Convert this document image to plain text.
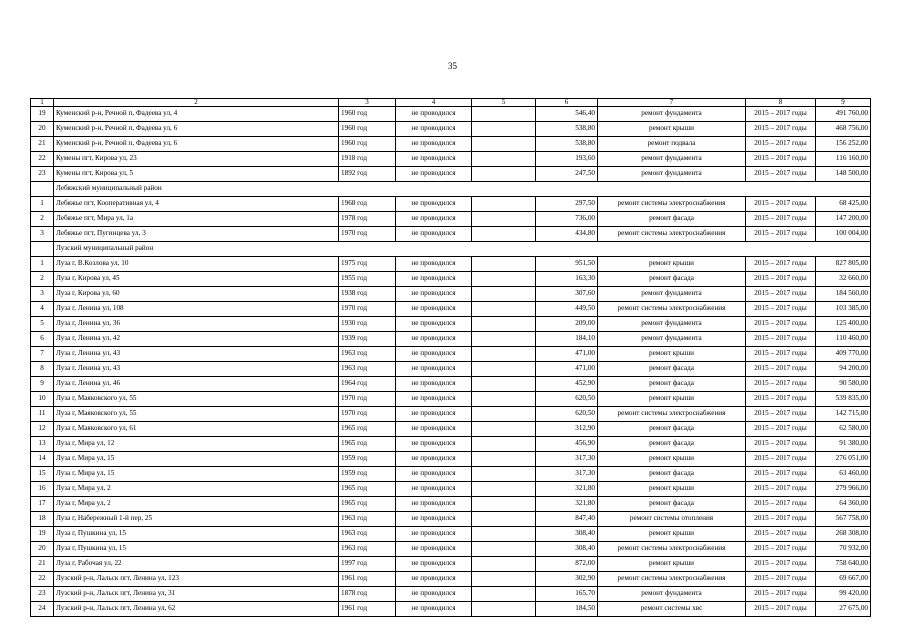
35
1	2	3	4	5	6	7	8	9
19	Куменский р-н, Речной п, Фадеева ул, 4	1960 год	не проводился		546,40	ремонт фундамента	2015 – 2017 годы	491 760,00
20	Куменский р-н, Речной п, Фадеева ул, 6	1960 год	не проводился		538,80	ремонт крыши	2015 – 2017 годы	468 756,00
21	Куменский р-н, Речной п, Фадеева ул, 6	1960 год	не проводился		538,80	ремонт подвала	2015 – 2017 годы	156 252,00
22	Кумены пгт, Кирова ул, 23	1918 год	не проводился		193,60	ремонт фундамента	2015 – 2017 годы	116 160,00
23	Кумены пгт, Кирова ул, 5	1892 год	не проводился		247,50	ремонт фундамента	2015 – 2017 годы	148 500,00
	Лебяжский муниципальный район							
1	Лебяжье пгт, Кооперативная ул, 4	1968 год	не проводился		297,50	ремонт системы электроснабжения	2015 – 2017 годы	68 425,00
2	Лебяжье пгт, Мира ул, 1а	1978 год	не проводился		736,00	ремонт фасада	2015 – 2017 годы	147 200,00
3	Лебяжье пгт, Пугинцева ул, 3	1970 год	не проводился		434,80	ремонт системы электроснабжения	2015 – 2017 годы	100 004,00
	Лузский муниципальный район							
1	Луза г, В.Козлова ул, 10	1975 год	не проводился		951,50	ремонт крыши	2015 – 2017 годы	827 805,00
2	Луза г, Кирова ул, 45	1955 год	не проводился		163,30	ремонт фасада	2015 – 2017 годы	32 660,00
3	Луза г, Кирова ул, 60	1938 год	не проводился		307,60	ремонт фундамента	2015 – 2017 годы	184 560,00
4	Луза г, Ленина ул, 108	1970 год	не проводился		449,50	ремонт системы электроснабжения	2015 – 2017 годы	103 385,00
5	Луза г, Ленина ул, 36	1930 год	не проводился		209,00	ремонт фундамента	2015 – 2017 годы	125 400,00
6	Луза г, Ленина ул, 42	1939 год	не проводился		184,10	ремонт фундамента	2015 – 2017 годы	110 460,00
7	Луза г, Ленина ул, 43	1963 год	не проводился		471,00	ремонт крыши	2015 – 2017 годы	409 770,00
8	Луза г, Ленина ул, 43	1963 год	не проводился		471,00	ремонт фасада	2015 – 2017 годы	94 200,00
9	Луза г, Ленина ул, 46	1964 год	не проводился		452,90	ремонт фасада	2015 – 2017 годы	90 580,00
10	Луза г, Маяковского ул, 55	1970 год	не проводился		620,50	ремонт крыши	2015 – 2017 годы	539 835,00
11	Луза г, Маяковского ул, 55	1970 год	не проводился		620,50	ремонт системы электроснабжения	2015 – 2017 годы	142 715,00
12	Луза г, Маяковского ул, 61	1965 год	не проводился		312,90	ремонт фасада	2015 – 2017 годы	62 580,00
13	Луза г, Мира ул, 12	1965 год	не проводился		456,90	ремонт фасада	2015 – 2017 годы	91 380,00
14	Луза г, Мира ул, 15	1959 год	не проводился		317,30	ремонт крыши	2015 – 2017 годы	276 051,00
15	Луза г, Мира ул, 15	1959 год	не проводился		317,30	ремонт фасада	2015 – 2017 годы	63 460,00
16	Луза г, Мира ул, 2	1965 год	не проводился		321,80	ремонт крыши	2015 – 2017 годы	279 966,00
17	Луза г, Мира ул, 2	1965 год	не проводился		321,80	ремонт фасада	2015 – 2017 годы	64 360,00
18	Луза г, Набережный 1-й пер, 25	1963 год	не проводился		847,40	ремонт системы отопления	2015 – 2017 годы	567 758,00
19	Луза г, Пушкина ул, 15	1963 год	не проводился		308,40	ремонт крыши	2015 – 2017 годы	268 308,00
20	Луза г, Пушкина ул, 15	1963 год	не проводился		308,40	ремонт системы электроснабжения	2015 – 2017 годы	70 932,00
21	Луза г, Рабочая ул, 22	1997 год	не проводился		872,00	ремонт крыши	2015 – 2017 годы	758 640,00
22	Лузский р-н, Лальск пгт, Ленина ул, 123	1961 год	не проводился		302,90	ремонт системы электроснабжения	2015 – 2017 годы	69 667,00
23	Лузский р-н, Лальск пгт, Ленина ул, 31	1878 год	не проводился		165,70	ремонт фундамента	2015 – 2017 годы	99 420,00
24	Лузский р-н, Лальск пгт, Ленина ул, 62	1961 год	не проводился		184,50	ремонт системы хвс	2015 – 2017 годы	27 675,00
